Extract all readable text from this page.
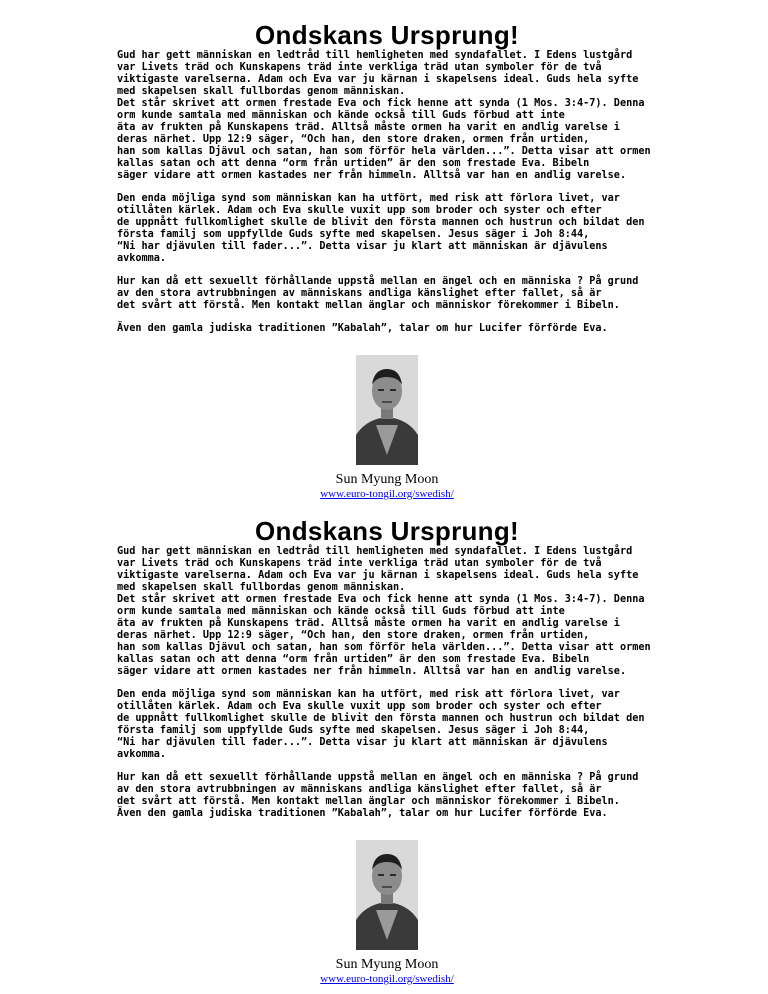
Ondskans Ursprung!

Gud har gett människan en ledtråd till hemligheten med syndafallet. I Edens lustgård
var Livets träd och Kunskapens träd inte verkliga träd utan symboler för de två
viktigaste varelserna. Adam och Eva var ju kärnan i skapelsens ideal. Guds hela syfte
med skapelsen skall fullbordas genom människan.
Det står skrivet att ormen frestade Eva och fick henne att synda (1 Mos. 3:4-7). Denna
orm kunde samtala med människan och kände också till Guds förbud att inte
äta av frukten på Kunskapens träd. Alltså måste ormen ha varit en andlig varelse i
deras närhet. Upp 12:9 säger, “Och han, den store draken, ormen från urtiden,
han som kallas Djävul och satan, han som förför hela världen...”. Detta visar att ormen
kallas satan och att denna “orm från urtiden” är den som frestade Eva. Bibeln
säger vidare att ormen kastades ner från himmeln. Alltså var han en andlig varelse.

Den enda möjliga synd som människan kan ha utfört, med risk att förlora livet, var
otillåten kärlek. Adam och Eva skulle vuxit upp som broder och syster och efter
de uppnått fullkomlighet skulle de blivit den första mannen och hustrun och bildat den
första familj som uppfyllde Guds syfte med skapelsen. Jesus säger i Joh 8:44,
“Ni har djävulen till fader...”. Detta visar ju klart att människan är djävulens avkomma.

Hur kan då ett sexuellt förhållande uppstå mellan en ängel och en människa ? På grund
av den stora avtrubbningen av människans andliga känslighet efter fallet, så är
det svårt att förstå. Men kontakt mellan änglar och människor förekommer i Bibeln.

Även den gamla judiska traditionen ”Kabalah”, talar om hur Lucifer förförde Eva.

Sun Myung Moon
www.euro-tongil.org/swedish/
Ondskans Ursprung!

Gud har gett människan en ledtråd till hemligheten med syndafallet. I Edens lustgård
var Livets träd och Kunskapens träd inte verkliga träd utan symboler för de två
viktigaste varelserna. Adam och Eva var ju kärnan i skapelsens ideal. Guds hela syfte
med skapelsen skall fullbordas genom människan.
Det står skrivet att ormen frestade Eva och fick henne att synda (1 Mos. 3:4-7). Denna
orm kunde samtala med människan och kände också till Guds förbud att inte
äta av frukten på Kunskapens träd. Alltså måste ormen ha varit en andlig varelse i
deras närhet. Upp 12:9 säger, “Och han, den store draken, ormen från urtiden,
han som kallas Djävul och satan, han som förför hela världen...”. Detta visar att ormen
kallas satan och att denna “orm från urtiden” är den som frestade Eva. Bibeln
säger vidare att ormen kastades ner från himmeln. Alltså var han en andlig varelse.

Den enda möjliga synd som människan kan ha utfört, med risk att förlora livet, var
otillåten kärlek. Adam och Eva skulle vuxit upp som broder och syster och efter
de uppnått fullkomlighet skulle de blivit den första mannen och hustrun och bildat den
första familj som uppfyllde Guds syfte med skapelsen. Jesus säger i Joh 8:44,
“Ni har djävulen till fader...”. Detta visar ju klart att människan är djävulens avkomma.

Hur kan då ett sexuellt förhållande uppstå mellan en ängel och en människa ? På grund
av den stora avtrubbningen av människans andliga känslighet efter fallet, så är
det svårt att förstå. Men kontakt mellan änglar och människor förekommer i Bibeln.
Även den gamla judiska traditionen ”Kabalah”, talar om hur Lucifer förförde Eva.

Sun Myung Moon
www.euro-tongil.org/swedish/
